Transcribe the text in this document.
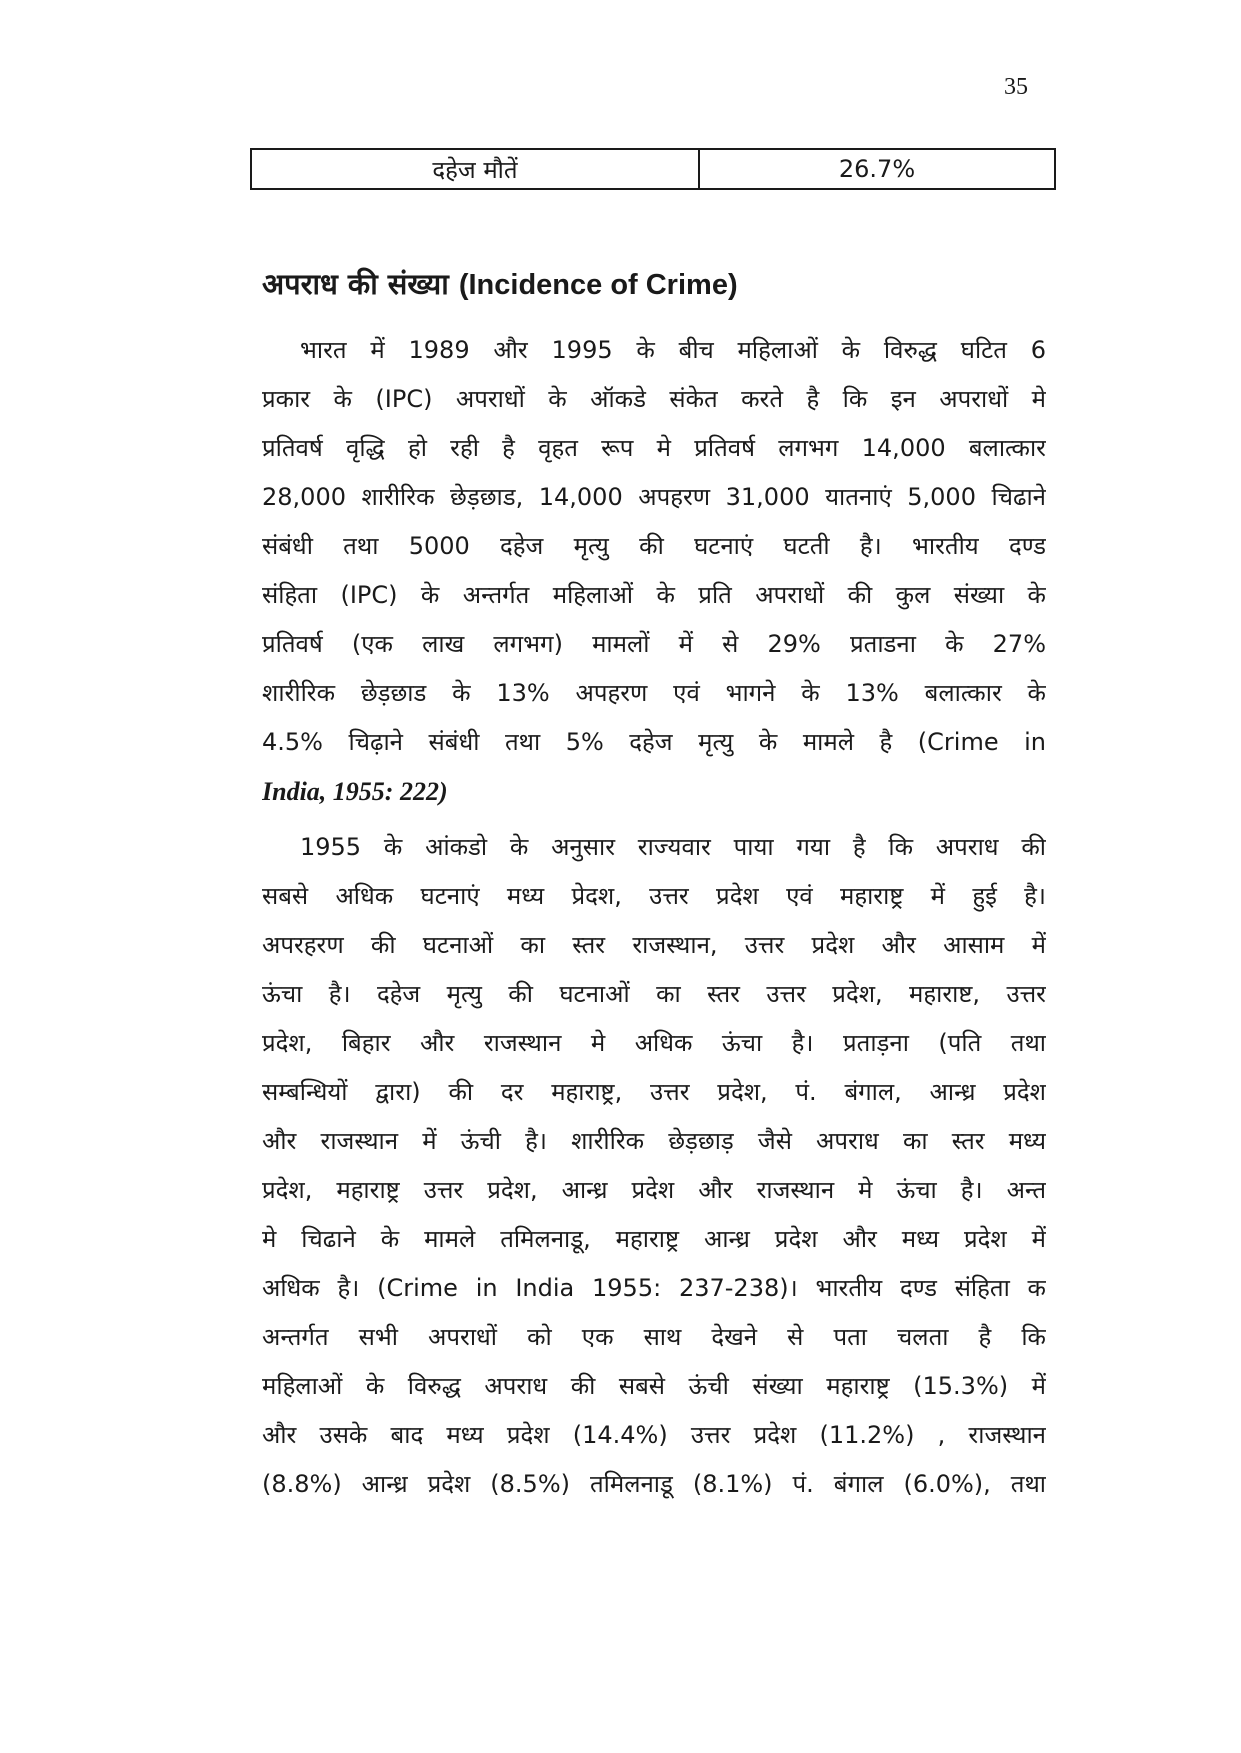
35
दहेज मौतें	26.7%
अपराध की संख्या (Incidence of Crime)
भारत में 1989 और 1995 के बीच महिलाओं के विरुद्ध घटित 6
प्रकार के (IPC) अपराधों के ऑकडे संकेत करते है कि इन अपराधों मे
प्रतिवर्ष वृद्धि हो रही है वृहत रूप मे प्रतिवर्ष लगभग 14,000 बलात्कार
28,000 शारीरिक छेड़छाड, 14,000 अपहरण 31,000 यातनाएं 5,000 चिढाने
संबंधी तथा 5000 दहेज मृत्यु की घटनाएं घटती है। भारतीय दण्ड
संहिता (IPC) के अन्तर्गत महिलाओं के प्रति अपराधों की कुल संख्या के
प्रतिवर्ष (एक लाख लगभग) मामलों में से 29% प्रताडना के 27%
शारीरिक छेड़छाड के 13% अपहरण एवं भागने के 13% बलात्कार के
4.5% चिढ़ाने संबंधी तथा 5% दहेज मृत्यु के मामले है (Crime in
India, 1955: 222)
1955 के आंकडो के अनुसार राज्यवार पाया गया है कि अपराध की
सबसे अधिक घटनाएं मध्य प्रेदश, उत्तर प्रदेश एवं महाराष्ट्र में हुई है।
अपरहरण की घटनाओं का स्तर राजस्थान, उत्तर प्रदेश और आसाम में
ऊंचा है। दहेज मृत्यु की घटनाओं का स्तर उत्तर प्रदेश, महाराष्ट, उत्तर
प्रदेश, बिहार और राजस्थान मे अधिक ऊंचा है। प्रताड़ना (पति तथा
सम्बन्धियों द्वारा) की दर महाराष्ट्र, उत्तर प्रदेश, पं. बंगाल, आन्ध्र प्रदेश
और राजस्थान में ऊंची है। शारीरिक छेड़छाड़ जैसे अपराध का स्तर मध्य
प्रदेश, महाराष्ट्र उत्तर प्रदेश, आन्ध्र प्रदेश और राजस्थान मे ऊंचा है। अन्त
मे चिढाने के मामले तमिलनाडू, महाराष्ट्र आन्ध्र प्रदेश और मध्य प्रदेश में
अधिक है। (Crime in India 1955: 237-238)। भारतीय दण्ड संहिता क
अन्तर्गत सभी अपराधों को एक साथ देखने से पता चलता है कि
महिलाओं के विरुद्ध अपराध की सबसे ऊंची संख्या महाराष्ट्र (15.3%) में
और उसके बाद मध्य प्रदेश (14.4%) उत्तर प्रदेश (11.2%) , राजस्थान
(8.8%) आन्ध्र प्रदेश (8.5%) तमिलनाडू (8.1%) पं. बंगाल (6.0%), तथा
